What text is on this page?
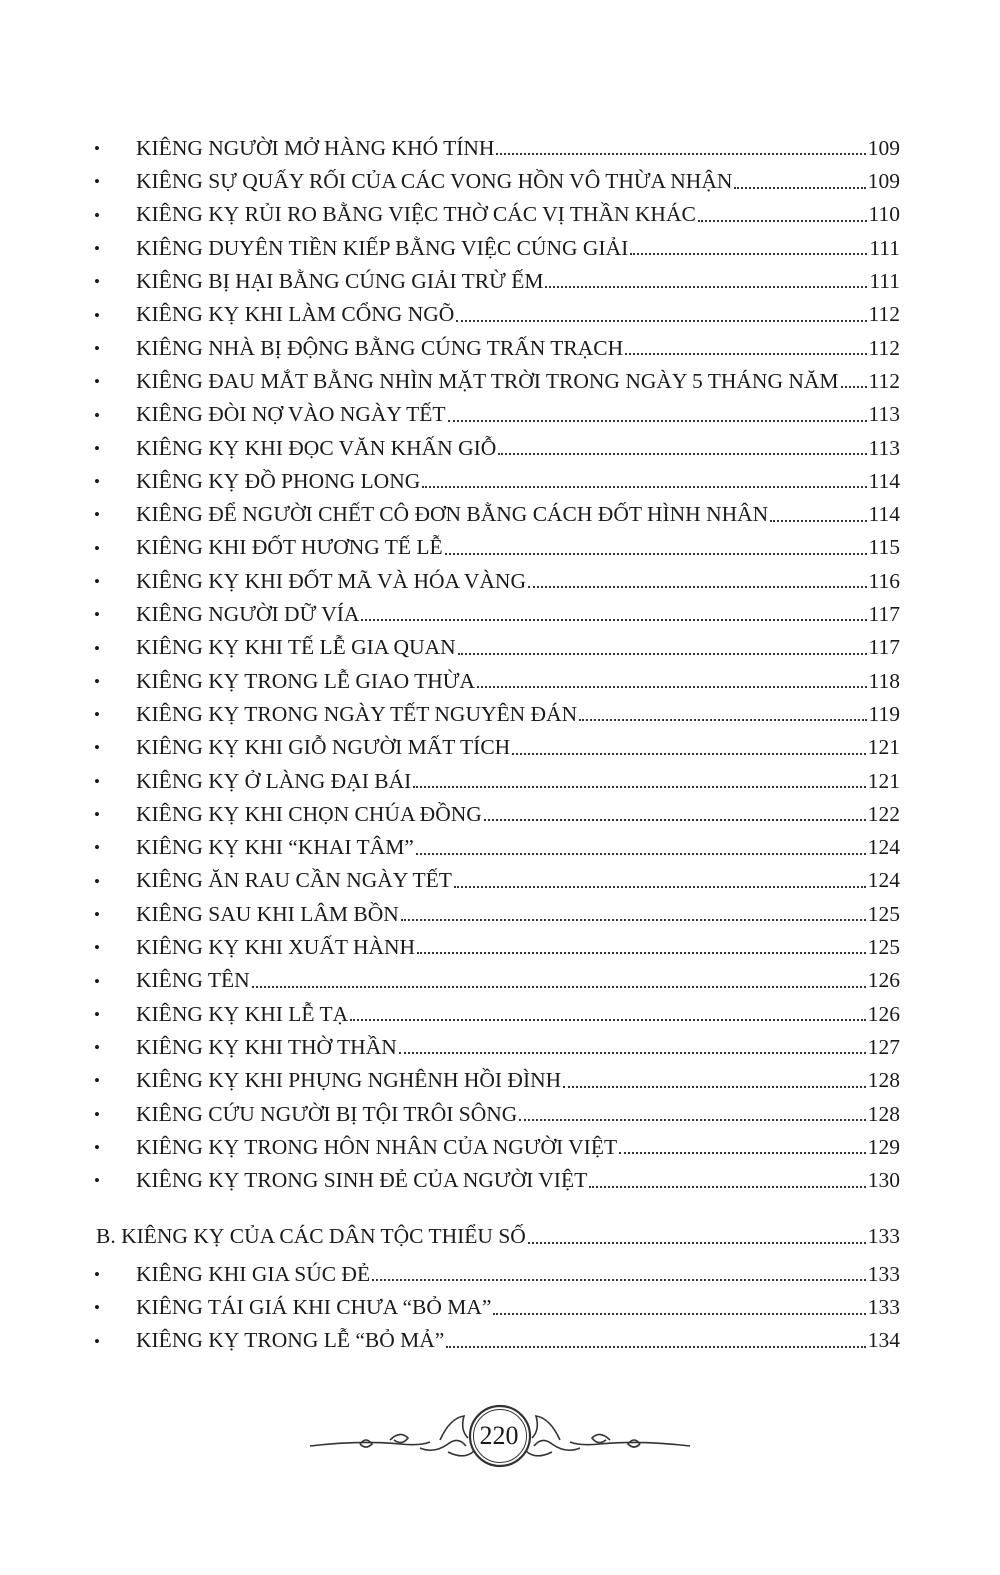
•	KIÊNG NGƯỜI MỞ HÀNG KHÓ TÍNH	109
•	KIÊNG SỰ QUẤY RỐI CỦA CÁC VONG HỒN VÔ THỪA NHẬN	109
•	KIÊNG KỴ RỦI RO BẰNG VIỆC THỜ CÁC VỊ THẦN KHÁC	110
•	KIÊNG DUYÊN TIỀN KIẾP BẰNG VIỆC CÚNG GIẢI	111
•	KIÊNG BỊ HẠI BẰNG CÚNG GIẢI TRỪ ẾM	111
•	KIÊNG KỴ KHI LÀM CỔNG NGÕ	112
•	KIÊNG NHÀ BỊ ĐỘNG BẰNG CÚNG TRẤN TRẠCH	112
•	KIÊNG ĐAU MẮT BẰNG NHÌN MẶT TRỜI TRONG NGÀY 5 THÁNG NĂM 112
•	KIÊNG ĐÒI NỢ VÀO NGÀY TẾT	113
•	KIÊNG KỴ KHI ĐỌC VĂN KHẤN GIỖ	113
•	KIÊNG KỴ ĐỒ PHONG LONG	114
•	KIÊNG ĐỂ NGƯỜI CHẾT CÔ ĐƠN BẰNG CÁCH ĐỐT HÌNH NHÂN	114
•	KIÊNG KHI ĐỐT HƯƠNG TẾ LỄ	115
•	KIÊNG KỴ KHI ĐỐT MÃ VÀ HÓA VÀNG	116
•	KIÊNG NGƯỜI DỮ VÍA	117
•	KIÊNG KỴ KHI TẾ LỄ GIA QUAN	117
•	KIÊNG KỴ TRONG LỄ GIAO THỪA	118
•	KIÊNG KỴ TRONG NGÀY TẾT NGUYÊN ĐÁN	119
•	KIÊNG KỴ KHI GIỖ NGƯỜI MẤT TÍCH	121
•	KIÊNG KỴ Ở LÀNG ĐẠI BÁI	121
•	KIÊNG KỴ KHI CHỌN CHÚA ĐỒNG	122
•	KIÊNG KỴ KHI “KHAI TÂM”	124
•	KIÊNG ĂN RAU CẦN NGÀY TẾT	124
•	KIÊNG SAU KHI LÂM BỒN	125
•	KIÊNG KỴ KHI XUẤT HÀNH	125
•	KIÊNG TÊN	126
•	KIÊNG KỴ KHI LỄ TẠ	126
•	KIÊNG KỴ KHI THỜ THẦN	127
•	KIÊNG KỴ KHI PHỤNG NGHÊNH HỒI ĐÌNH	128
•	KIÊNG CỨU NGƯỜI BỊ TỘI TRÔI SÔNG	128
•	KIÊNG KỴ TRONG HÔN NHÂN CỦA NGƯỜI VIỆT	129
•	KIÊNG KỴ TRONG SINH ĐẺ CỦA NGƯỜI VIỆT	130
B. KIÊNG KỴ CỦA CÁC DÂN TỘC THIỂU SỐ	133
•	KIÊNG KHI GIA SÚC ĐẺ	133
•	KIÊNG TÁI GIÁ KHI CHƯA “BỎ MA”	133
•	KIÊNG KỴ TRONG LỄ “BỎ MẢ”	134
220
